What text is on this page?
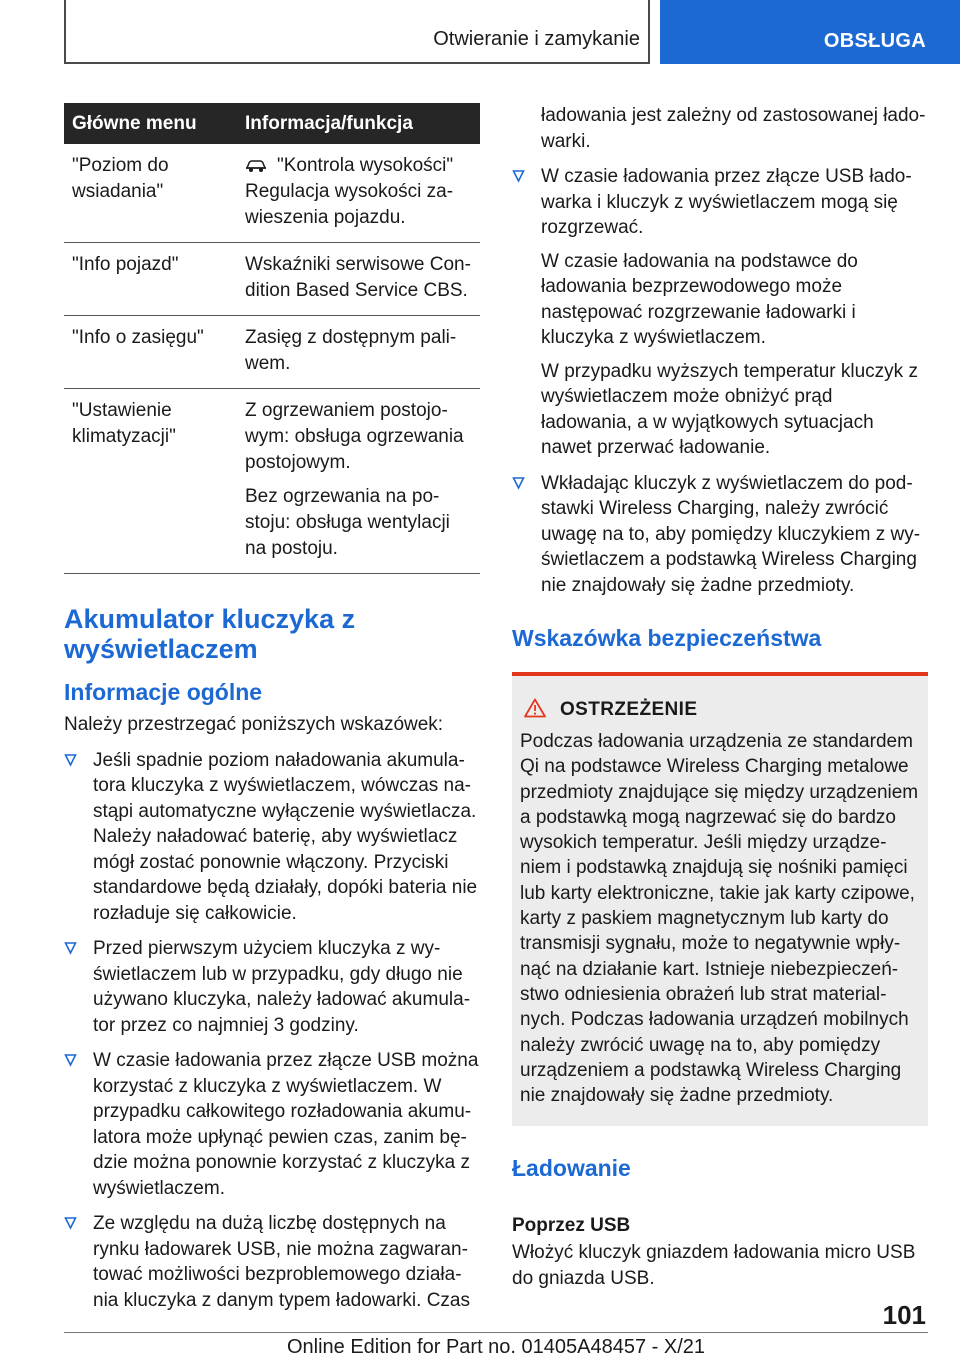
Otwieranie i zamykanie	OBSŁUGA
Główne menu	Informacja/funkcja
"Poziom do wsiadania"	"Kontrola wysokości" Regulacja wysokości zawieszenia pojazdu.

"Info pojazd"	Wskaźniki serwisowe Condition Based Service CBS.

"Info o zasięgu"	Zasięg z dostępnym paliwem.

"Ustawienie klimatyzacji"	Z ogrzewaniem postojowym: obsługa ogrzewania postojowym.

Bez ogrzewania na postoju: obsługa wentylacji na postoju.

Akumulator kluczyka z wyświetlaczem
Informacje ogólne

Należy przestrzegać poniższych wskazówek:

Jeśli spadnie poziom naładowania akumulatora kluczyka z wyświetlaczem, wówczas nastąpi automatyczne wyłączenie wyświetlacza. Należy naładować baterię, aby wyświetlacz mógł zostać ponownie włączony. Przyciski standardowe będą działały, dopóki bateria nie rozładuje się całkowicie.

Przed pierwszym użyciem kluczyka z wyświetlaczem lub w przypadku, gdy długo nie używano kluczyka, należy ładować akumulator przez co najmniej 3 godziny.

W czasie ładowania przez złącze USB można korzystać z kluczyka z wyświetlaczem. W przypadku całkowitego rozładowania akumulatora może upłynąć pewien czas, zanim będzie można ponownie korzystać z kluczyka z wyświetlaczem.

Ze względu na dużą liczbę dostępnych na rynku ładowarek USB, nie można zagwarantować możliwości bezproblemowego działania kluczyka z danym typem ładowarki. Czas

ładowania jest zależny od zastosowanej ładowarki.

W czasie ładowania przez złącze USB ładowarka i kluczyk z wyświetlaczem mogą się rozgrzewać.

W czasie ładowania na podstawce do ładowania bezprzewodowego może następować rozgrzewanie ładowarki i kluczyka z wyświetlaczem.

W przypadku wyższych temperatur kluczyk z wyświetlaczem może obniżyć prąd ładowania, a w wyjątkowych sytuacjach nawet przerwać ładowanie.

Wkładając kluczyk z wyświetlaczem do podstawki Wireless Charging, należy zwrócić uwagę na to, aby pomiędzy kluczykiem z wyświetlaczem a podstawką Wireless Charging nie znajdowały się żadne przedmioty.

Wskazówka bezpieczeństwa
OSTRZEŻENIE

Podczas ładowania urządzenia ze standardem Qi na podstawce Wireless Charging metalowe przedmioty znajdujące się między urządzeniem a podstawką mogą nagrzewać się do bardzo wysokich temperatur. Jeśli między urządzeniem i podstawką znajdują się nośniki pamięci lub karty elektroniczne, takie jak karty czipowe, karty z paskiem magnetycznym lub karty do transmisji sygnału, może to negatywnie wpłynąć na działanie kart. Istnieje niebezpieczeństwo odniesienia obrażeń lub strat materialnych. Podczas ładowania urządzeń mobilnych należy zwrócić uwagę na to, aby pomiędzy urządzeniem a podstawką Wireless Charging nie znajdowały się żadne przedmioty.

Ładowanie
Poprzez USB

Włożyć kluczyk gniazdem ładowania micro USB do gniazda USB.

101
Online Edition for Part no. 01405A48457 - X/21
